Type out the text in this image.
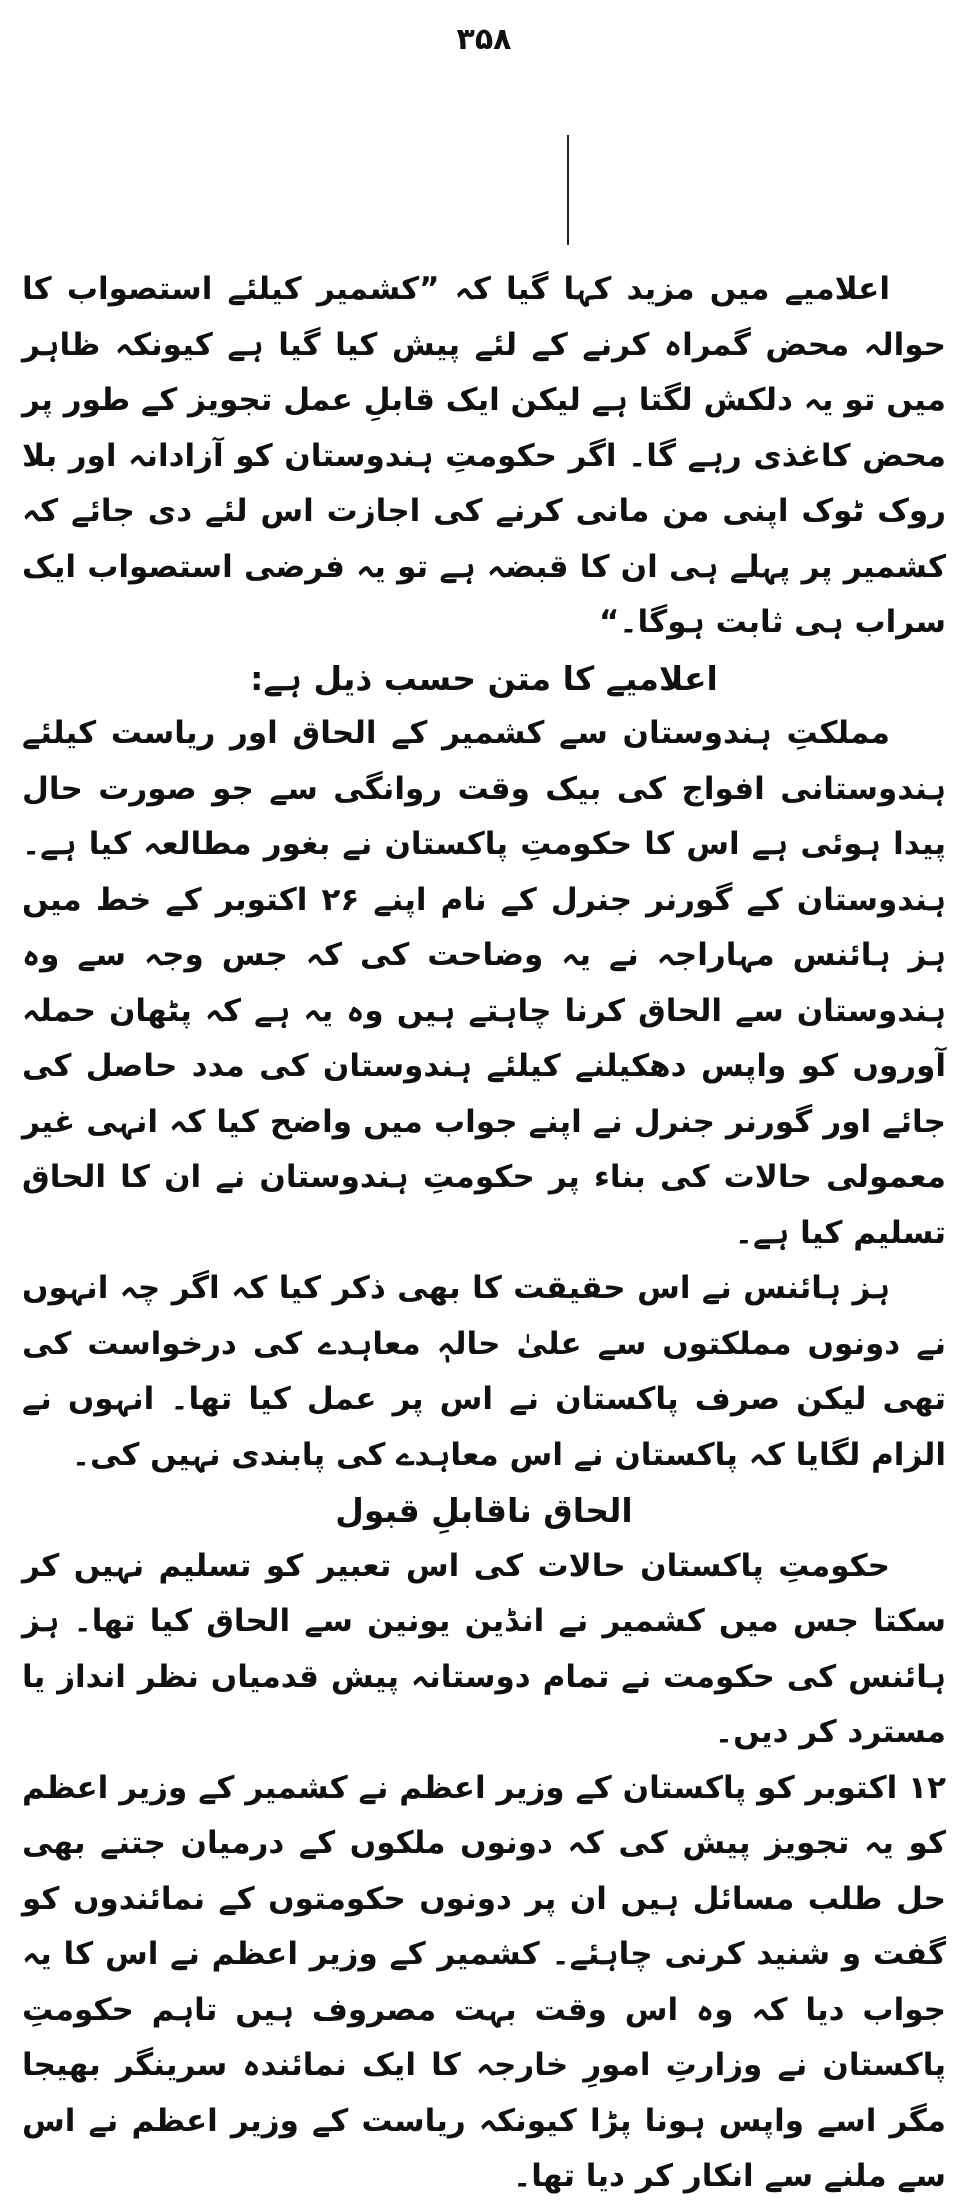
۳۵۸

اعلامیے میں مزید کہا گیا کہ ”کشمیر کیلئے استصواب کا حوالہ محض گمراہ کرنے کے لئے پیش کیا گیا ہے کیونکہ ظاہر میں تو یہ دلکش لگتا ہے لیکن ایک قابلِ عمل تجویز کے طور پر محض کاغذی رہے گا۔ اگر حکومتِ ہندوستان کو آزادانہ اور بلا روک ٹوک اپنی من مانی کرنے کی اجازت اس لئے دی جائے کہ کشمیر پر پہلے ہی ان کا قبضہ ہے تو یہ فرضی استصواب ایک سراب ہی ثابت ہوگا۔“

اعلامیے کا متن حسب ذیل ہے:

مملکتِ ہندوستان سے کشمیر کے الحاق اور ریاست کیلئے ہندوستانی افواج کی بیک وقت روانگی سے جو صورت حال پیدا ہوئی ہے اس کا حکومتِ پاکستان نے بغور مطالعہ کیا ہے۔ ہندوستان کے گورنر جنرل کے نام اپنے ۲۶ اکتوبر کے خط میں ہز ہائنس مہاراجہ نے یہ وضاحت کی کہ جس وجہ سے وہ ہندوستان سے الحاق کرنا چاہتے ہیں وہ یہ ہے کہ پٹھان حملہ آوروں کو واپس دھکیلنے کیلئے ہندوستان کی مدد حاصل کی جائے اور گورنر جنرل نے اپنے جواب میں واضح کیا کہ انہی غیر معمولی حالات کی بناء پر حکومتِ ہندوستان نے ان کا الحاق تسلیم کیا ہے۔

ہز ہائنس نے اس حقیقت کا بھی ذکر کیا کہ اگر چہ انہوں نے دونوں مملکتوں سے علیٰ حالہٖ معاہدے کی درخواست کی تھی لیکن صرف پاکستان نے اس پر عمل کیا تھا۔ انہوں نے الزام لگایا کہ پاکستان نے اس معاہدے کی پابندی نہیں کی۔

الحاق ناقابلِ قبول

حکومتِ پاکستان حالات کی اس تعبیر کو تسلیم نہیں کر سکتا جس میں کشمیر نے انڈین یونین سے الحاق کیا تھا۔ ہز ہائنس کی حکومت نے تمام دوستانہ پیش قدمیاں نظر انداز یا مسترد کر دیں۔

۱۲ اکتوبر کو پاکستان کے وزیر اعظم نے کشمیر کے وزیر اعظم کو یہ تجویز پیش کی کہ دونوں ملکوں کے درمیان جتنے بھی حل طلب مسائل ہیں ان پر دونوں حکومتوں کے نمائندوں کو گفت و شنید کرنی چاہئے۔ کشمیر کے وزیر اعظم نے اس کا یہ جواب دیا کہ وہ اس وقت بہت مصروف ہیں تاہم حکومتِ پاکستان نے وزارتِ امورِ خارجہ کا ایک نمائندہ سرینگر بھیجا مگر اسے واپس ہونا پڑا کیونکہ ریاست کے وزیر اعظم نے اس سے ملنے سے انکار کر دیا تھا۔
